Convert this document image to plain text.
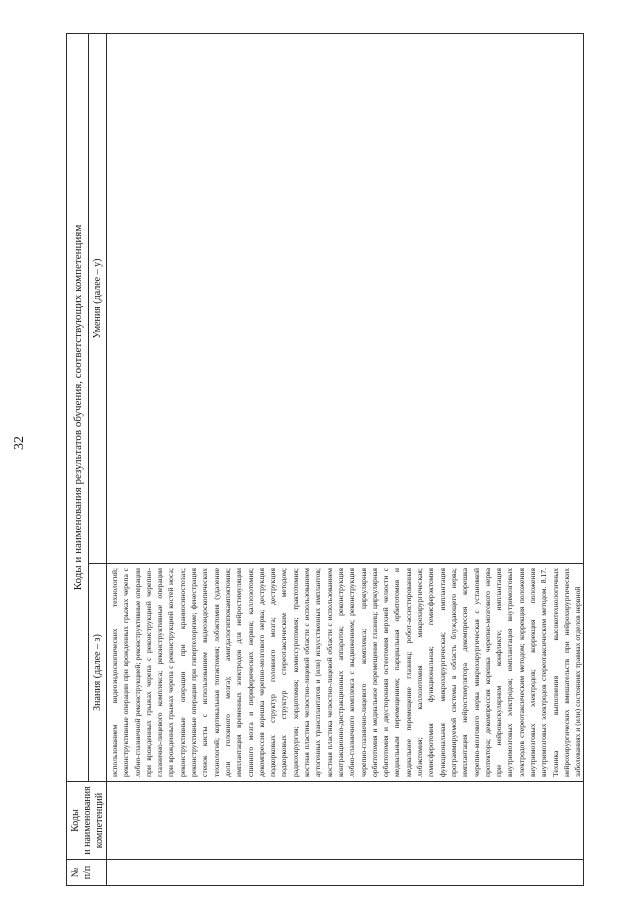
32
№ п/п	Коды и наименования компетенций	Коды и наименования результатов обучения, соответствующих компетенциям	
		Знания (далее – з)	Умения (далее – у)

		использованием видеоэндоскопических технологий; реконструктивные операции при врожденных грыжах черепа с лобно-глазничной реконструкцией; реконструктивные операции при врожденных грыжах черепа с реконструкцией черепно-глазнично-лицевого комплекса; реконструктивные операции при врожденных грыжах черепа с реконструкцией костей носа; реконструктивные операции при краниосиностозах; реконструктивные операции при гипертелоризме; фенестрация стенок кисты с использованием видеоэндоскопических технологий; кортикальная топэктомия; лобэктомия (удаление доли головного мозга); амигдалогиппокампэктомия; имплантация временных электродов для нейростимуляции спинного мозга и периферических нервов; каллозотомия; декомпрессия корешка черепно-мозгового нерва; деструкция подкорковых структур головного мозга; деструкция подкорковых структур стереотаксическим методом; радиохирургия; хордотомия; комиссуротомия; трактотомия; костная пластика челюстно-лицевой области с использованием аутогенных трансплантатов и (или) искусственных имплантов; костная пластика челюстно-лицевой области с использованием контракционно-дистракционных аппаратов; реконструкция лобно-глазничного комплекса с выдвижением; реконструкция черепно-глазнично-лицевого комплекса; циркулярная орбитотомия и медиальное перемещение глазниц; циркулярная орбитотомия и двусторонняя остеотомия верхней челюсти с медиальным перемещением; парциальная орбитотомия и медиальное перемещение глазниц; робот-ассистированная лобэктомия; каллозотомия микрохирургическая; гемисферотомия функциональная; гемисферэктомия функциональная микрохирургическая; имплантация программируемой системы в область блуждающего нерва; имплантация нейростимулятора декомпрессия корешка черепно-мозгового нерва микрохирургическая с установкой протектора; декомпрессия корешка черепно-мозгового нерва при нейроваскулярном конфликте; имплантация внутримозговых электродов; имплантация внутримозговых электродов стереотаксическим методом; коррекция положения внутримозговых электродов; коррекция положения внутримозговых электродов стереотаксическим методом. 8.17. Техника выполнения высокотехнологичных нейрохирургических вмешательств при нейрохирургических заболеваниях и (или) состояниях травмах отделов нервной	
